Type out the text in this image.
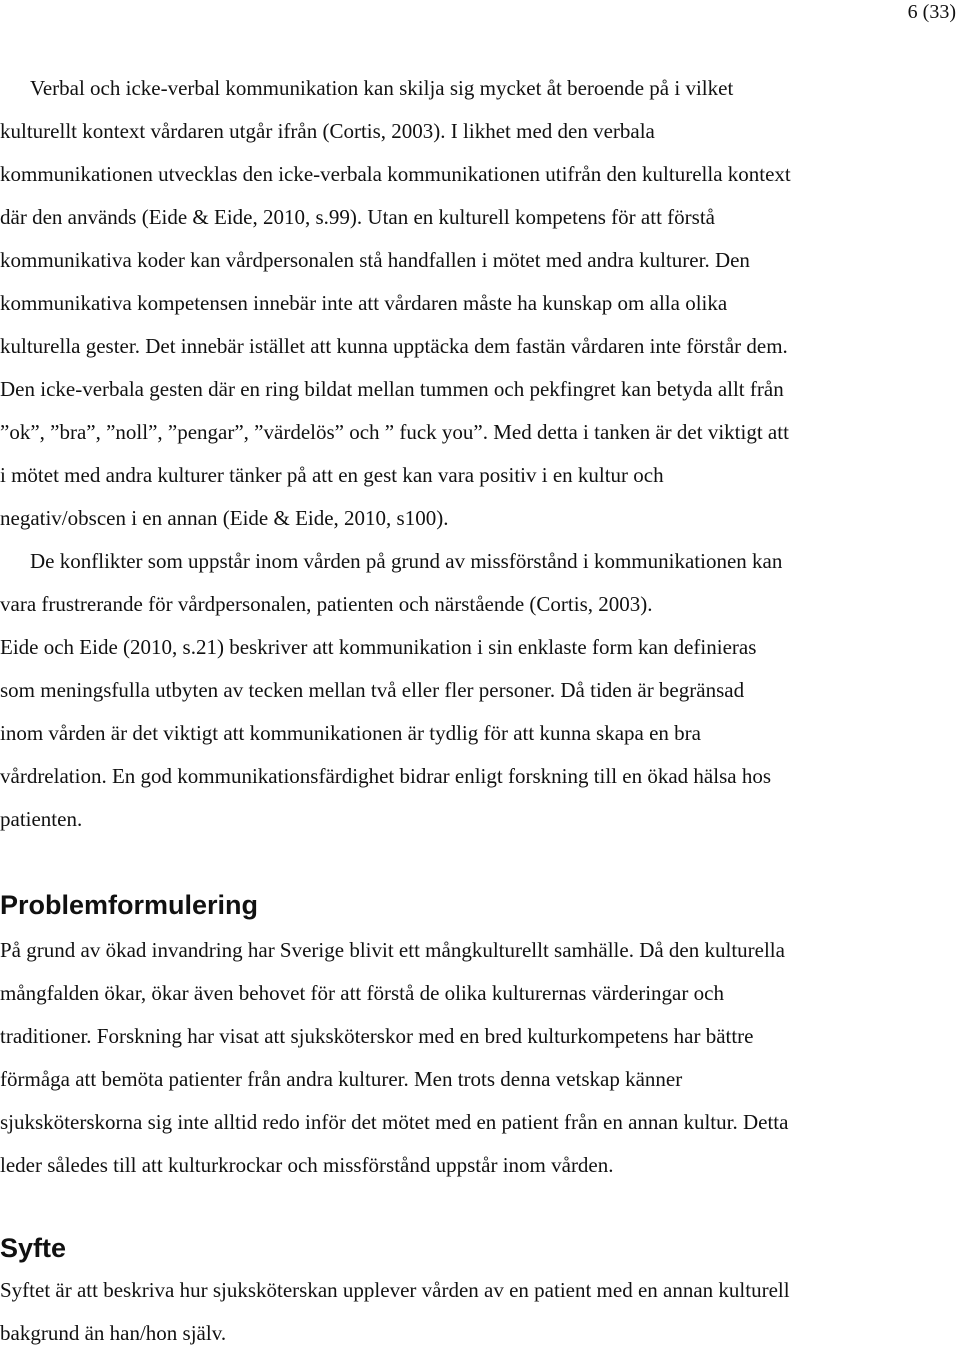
6 (33)

Verbal och icke-verbal kommunikation kan skilja sig mycket åt beroende på i vilket
kulturellt kontext vårdaren utgår ifrån (Cortis, 2003). I likhet med den verbala
kommunikationen utvecklas den icke-verbala kommunikationen utifrån den kulturella kontext
där den används (Eide & Eide, 2010, s.99). Utan en kulturell kompetens för att förstå
kommunikativa koder kan vårdpersonalen stå handfallen i mötet med andra kulturer. Den
kommunikativa kompetensen innebär inte att vårdaren måste ha kunskap om alla olika
kulturella gester. Det innebär istället att kunna upptäcka dem fastän vårdaren inte förstår dem.
Den icke-verbala gesten där en ring bildat mellan tummen och pekfingret kan betyda allt från
”ok”, ”bra”, ”noll”, ”pengar”, ”värdelös” och ” fuck you”. Med detta i tanken är det viktigt att
i mötet med andra kulturer tänker på att en gest kan vara positiv i en kultur och
negativ/obscen i en annan (Eide & Eide, 2010, s100).

De konflikter som uppstår inom vården på grund av missförstånd i kommunikationen kan
vara frustrerande för vårdpersonalen, patienten och närstående (Cortis, 2003).
Eide och Eide (2010, s.21) beskriver att kommunikation i sin enklaste form kan definieras
som meningsfulla utbyten av tecken mellan två eller fler personer. Då tiden är begränsad
inom vården är det viktigt att kommunikationen är tydlig för att kunna skapa en bra
vårdrelation. En god kommunikationsfärdighet bidrar enligt forskning till en ökad hälsa hos
patienten.

Problemformulering

På grund av ökad invandring har Sverige blivit ett mångkulturellt samhälle. Då den kulturella
mångfalden ökar, ökar även behovet för att förstå de olika kulturernas värderingar och
traditioner. Forskning har visat att sjuksköterskor med en bred kulturkompetens har bättre
förmåga att bemöta patienter från andra kulturer. Men trots denna vetskap känner
sjuksköterskorna sig inte alltid redo inför det mötet med en patient från en annan kultur. Detta
leder således till att kulturkrockar och missförstånd uppstår inom vården.

Syfte

Syftet är att beskriva hur sjuksköterskan upplever vården av en patient med en annan kulturell
bakgrund än han/hon själv.
